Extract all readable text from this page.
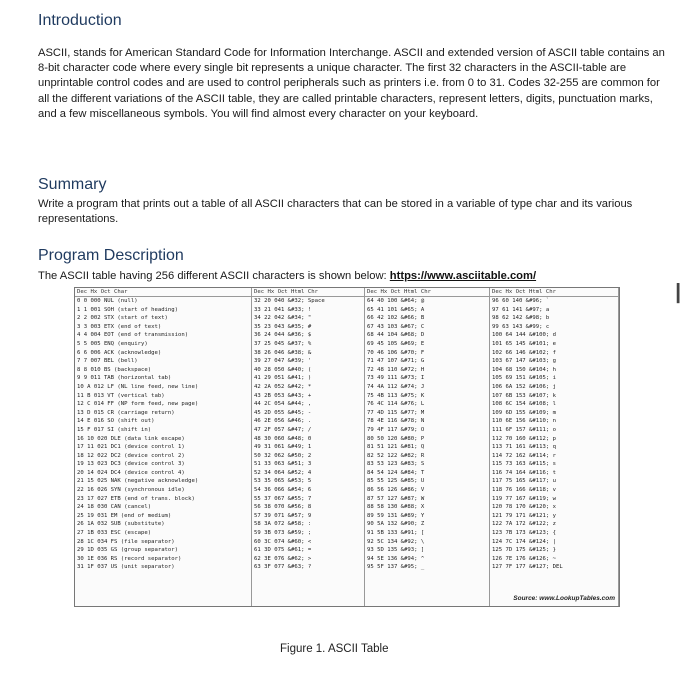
Introduction

ASCII, stands for American Standard Code for Information Interchange. ASCII and extended version of ASCII table contains an 8-bit character code where every single bit represents a unique character. The first 32 characters in the ASCII-table are unprintable control codes and are used to control peripherals such as printers i.e. from 0 to 31. Codes 32-255 are common for all the different variations of the ASCII table, they are called printable characters, represent letters, digits, punctuation marks, and a few miscellaneous symbols. You will find almost every character on your keyboard.

Summary

Write a program that prints out a table of all ASCII characters that can be stored in a variable of type char and its various representations.

Program Description

The ASCII table having 256 different ASCII characters is shown below: https://www.asciitable.com/

I
Dec Hx Oct Char
0 0 000 NUL (null)
1 1 001 SOH (start of heading)
2 2 002 STX (start of text)
3 3 003 ETX (end of text)
4 4 004 EOT (end of transmission)
5 5 005 ENQ (enquiry)
6 6 006 ACK (acknowledge)
7 7 007 BEL (bell)
8 8 010 BS (backspace)
9 9 011 TAB (horizontal tab)
10 A 012 LF (NL line feed, new line)
11 B 013 VT (vertical tab)
12 C 014 FF (NP form feed, new page)
13 D 015 CR (carriage return)
14 E 016 SO (shift out)
15 F 017 SI (shift in)
16 10 020 DLE (data link escape)
17 11 021 DC1 (device control 1)
18 12 022 DC2 (device control 2)
19 13 023 DC3 (device control 3)
20 14 024 DC4 (device control 4)
21 15 025 NAK (negative acknowledge)
22 16 026 SYN (synchronous idle)
23 17 027 ETB (end of trans. block)
24 18 030 CAN (cancel)
25 19 031 EM (end of medium)
26 1A 032 SUB (substitute)
27 1B 033 ESC (escape)
28 1C 034 FS (file separator)
29 1D 035 GS (group separator)
30 1E 036 RS (record separator)
31 1F 037 US (unit separator)
Dec Hx Oct Html Chr
32 20 040 &#32; Space
33 21 041 &#33; !
34 22 042 &#34; "
35 23 043 &#35; #
36 24 044 &#36; $
37 25 045 &#37; %
38 26 046 &#38; &
39 27 047 &#39; '
40 28 050 &#40; (
41 29 051 &#41; )
42 2A 052 &#42; *
43 2B 053 &#43; +
44 2C 054 &#44; ,
45 2D 055 &#45; -
46 2E 056 &#46; .
47 2F 057 &#47; /
48 30 060 &#48; 0
49 31 061 &#49; 1
50 32 062 &#50; 2
51 33 063 &#51; 3
52 34 064 &#52; 4
53 35 065 &#53; 5
54 36 066 &#54; 6
55 37 067 &#55; 7
56 38 070 &#56; 8
57 39 071 &#57; 9
58 3A 072 &#58; :
59 3B 073 &#59; ;
60 3C 074 &#60; <
61 3D 075 &#61; =
62 3E 076 &#62; >
63 3F 077 &#63; ?
Dec Hx Oct Html Chr
64 40 100 &#64; @
65 41 101 &#65; A
66 42 102 &#66; B
67 43 103 &#67; C
68 44 104 &#68; D
69 45 105 &#69; E
70 46 106 &#70; F
71 47 107 &#71; G
72 48 110 &#72; H
73 49 111 &#73; I
74 4A 112 &#74; J
75 4B 113 &#75; K
76 4C 114 &#76; L
77 4D 115 &#77; M
78 4E 116 &#78; N
79 4F 117 &#79; O
80 50 120 &#80; P
81 51 121 &#81; Q
82 52 122 &#82; R
83 53 123 &#83; S
84 54 124 &#84; T
85 55 125 &#85; U
86 56 126 &#86; V
87 57 127 &#87; W
88 58 130 &#88; X
89 59 131 &#89; Y
90 5A 132 &#90; Z
91 5B 133 &#91; [
92 5C 134 &#92; \
93 5D 135 &#93; ]
94 5E 136 &#94; ^
95 5F 137 &#95; _
Dec Hx Oct Html Chr
96 60 140 &#96; `
97 61 141 &#97; a
98 62 142 &#98; b
99 63 143 &#99; c
100 64 144 &#100; d
101 65 145 &#101; e
102 66 146 &#102; f
103 67 147 &#103; g
104 68 150 &#104; h
105 69 151 &#105; i
106 6A 152 &#106; j
107 6B 153 &#107; k
108 6C 154 &#108; l
109 6D 155 &#109; m
110 6E 156 &#110; n
111 6F 157 &#111; o
112 70 160 &#112; p
113 71 161 &#113; q
114 72 162 &#114; r
115 73 163 &#115; s
116 74 164 &#116; t
117 75 165 &#117; u
118 76 166 &#118; v
119 77 167 &#119; w
120 78 170 &#120; x
121 79 171 &#121; y
122 7A 172 &#122; z
123 7B 173 &#123; {
124 7C 174 &#124; |
125 7D 175 &#125; }
126 7E 176 &#126; ~
127 7F 177 &#127; DEL
Source: www.LookupTables.com
Figure 1. ASCII Table
